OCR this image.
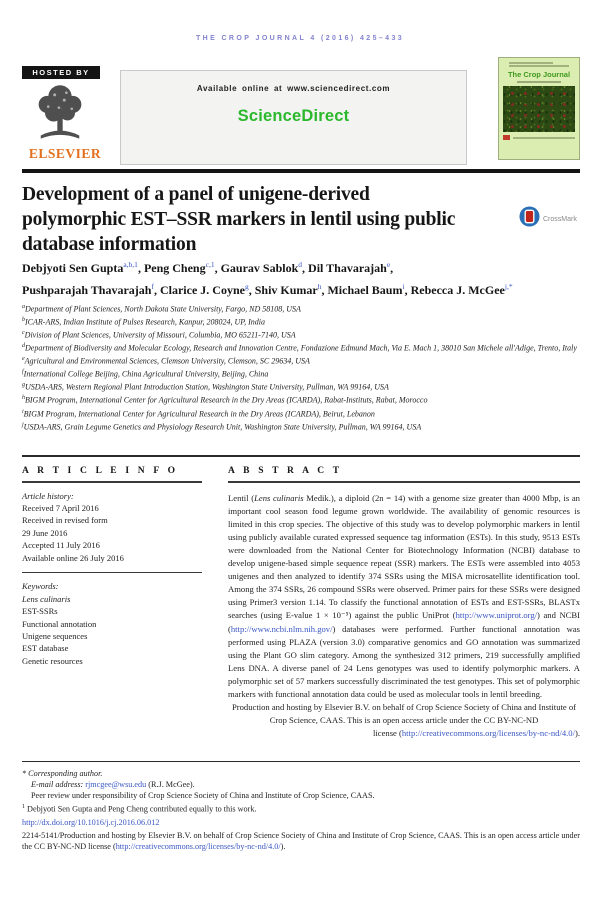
THE CROP JOURNAL 4 (2016) 425–433
HOSTED BY
ELSEVIER
Available online at www.sciencedirect.com
ScienceDirect
The Crop Journal
Development of a panel of unigene-derived
polymorphic EST–SSR markers in lentil using public
database information
CrossMark
Debjyoti Sen Gupta$^{a,b,1}$, Peng Cheng$^{c,1}$, Gaurav Sablok$^d$, Dil Thavarajah$^e$,
Pushparajah Thavarajah$^f$, Clarice J. Coyne$^g$, Shiv Kumar$^h$, Michael Baum$^i$, Rebecca J. McGee$^{j,*}$
$^a$Department of Plant Sciences, North Dakota State University, Fargo, ND 58108, USA
$^b$ICAR-ARS, Indian Institute of Pulses Research, Kanpur, 208024, UP, India
$^c$Division of Plant Sciences, University of Missouri, Columbia, MO 65211-7140, USA
$^d$Department of Biodiversity and Molecular Ecology, Research and Innovation Centre, Fondazione Edmund Mach, Via E. Mach 1, 38010 San Michele all'Adige, Trento, Italy
$^e$Agricultural and Environmental Sciences, Clemson University, Clemson, SC 29634, USA
$^f$International College Beijing, China Agricultural University, Beijing, China
$^g$USDA-ARS, Western Regional Plant Introduction Station, Washington State University, Pullman, WA 99164, USA
$^h$BIGM Program, International Center for Agricultural Research in the Dry Areas (ICARDA), Rabat-Instituts, Rabat, Morocco
$^i$BIGM Program, International Center for Agricultural Research in the Dry Areas (ICARDA), Beirut, Lebanon
$^j$USDA-ARS, Grain Legume Genetics and Physiology Research Unit, Washington State University, Pullman, WA 99164, USA
A R T I C L E I N F O
Article history:
Received 7 April 2016
Received in revised form
29 June 2016
Accepted 11 July 2016
Available online 26 July 2016
Keywords:
Lens culinaris
EST-SSRs
Functional annotation
Unigene sequences
EST database
Genetic resources
A B S T R A C T
Lentil (Lens culinaris Medik.), a diploid (2n = 14) with a genome size greater than 4000 Mbp, is an important cool season food legume grown worldwide. The availability of genomic resources is limited in this crop species. The objective of this study was to develop polymorphic markers in lentil using publicly available curated expressed sequence tag information (ESTs). In this study, 9513 ESTs were downloaded from the National Center for Biotechnology Information (NCBI) database to develop unigene-based simple sequence repeat (SSR) markers. The ESTs were assembled into 4053 unigenes and then analyzed to identify 374 SSRs using the MISA microsatellite identification tool. Among the 374 SSRs, 26 compound SSRs were observed. Primer pairs for these SSRs were designed using Primer3 version 1.14. To classify the functional annotation of ESTs and EST-SSRs, BLASTx searches (using E-value 1 × 10⁻⁵) against the public UniProt (http://www.uniprot.org/) and NCBI (http://www.ncbi.nlm.nih.gov/) databases were performed. Further functional annotation was performed using PLAZA (version 3.0) comparative genomics and GO annotation was summarized using the Plant GO slim category. Among the synthesized 312 primers, 219 successfully amplified Lens DNA. A diverse panel of 24 Lens genotypes was used to identify polymorphic markers. A polymorphic set of 57 markers successfully discriminated the test genotypes. This set of polymorphic markers with functional annotation data could be used as molecular tools in lentil breeding.
Production and hosting by Elsevier B.V. on behalf of Crop Science Society of China and Institute of Crop Science, CAAS. This is an open access article under the CC BY-NC-ND
license (http://creativecommons.org/licenses/by-nc-nd/4.0/).
* Corresponding author.
E-mail address: rjmcgee@wsu.edu (R.J. McGee).
Peer review under responsibility of Crop Science Society of China and Institute of Crop Science, CAAS.
$^1$ Debjyoti Sen Gupta and Peng Cheng contributed equally to this work.
http://dx.doi.org/10.1016/j.cj.2016.06.012
2214-5141/Production and hosting by Elsevier B.V. on behalf of Crop Science Society of China and Institute of Crop Science, CAAS. This is an open access article under the CC BY-NC-ND license (http://creativecommons.org/licenses/by-nc-nd/4.0/).
